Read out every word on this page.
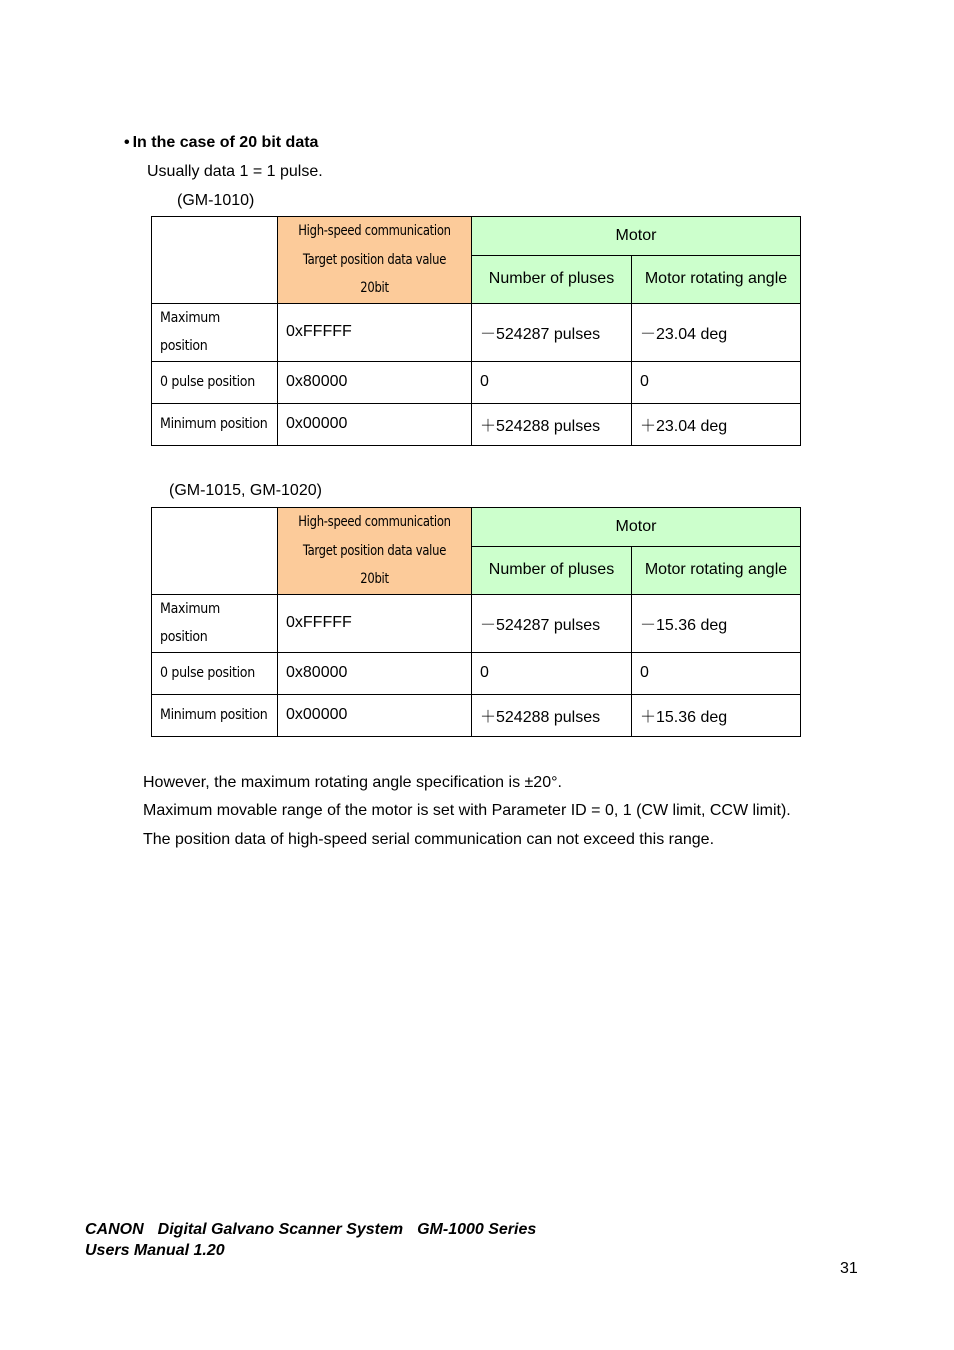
• In the case of 20 bit data
Usually data 1 = 1 pulse.
(GM-1010)

	High-speed communication
Target position data value
20bit	Motor	
		Number of pluses	Motor rotating angle

Maximum
position	0xFFFFF	－524287 pulses	－23.04 deg

0 pulse position	0x80000	0	0

Minimum position	0x00000	＋524288 pulses	＋23.04 deg
(GM-1015, GM-1020)

	High-speed communication
Target position data value
20bit	Motor	
		Number of pluses	Motor rotating angle

Maximum
position	0xFFFFF	－524287 pulses	－15.36 deg

0 pulse position	0x80000	0	0

Minimum position	0x00000	＋524288 pulses	＋15.36 deg
However, the maximum rotating angle specification is ±20°.
Maximum movable range of the motor is set with Parameter ID = 0, 1 (CW limit, CCW limit).
The position data of high-speed serial communication can not exceed this range.
CANON Digital Galvano Scanner System GM-1000 Series
Users Manual 1.20
31
